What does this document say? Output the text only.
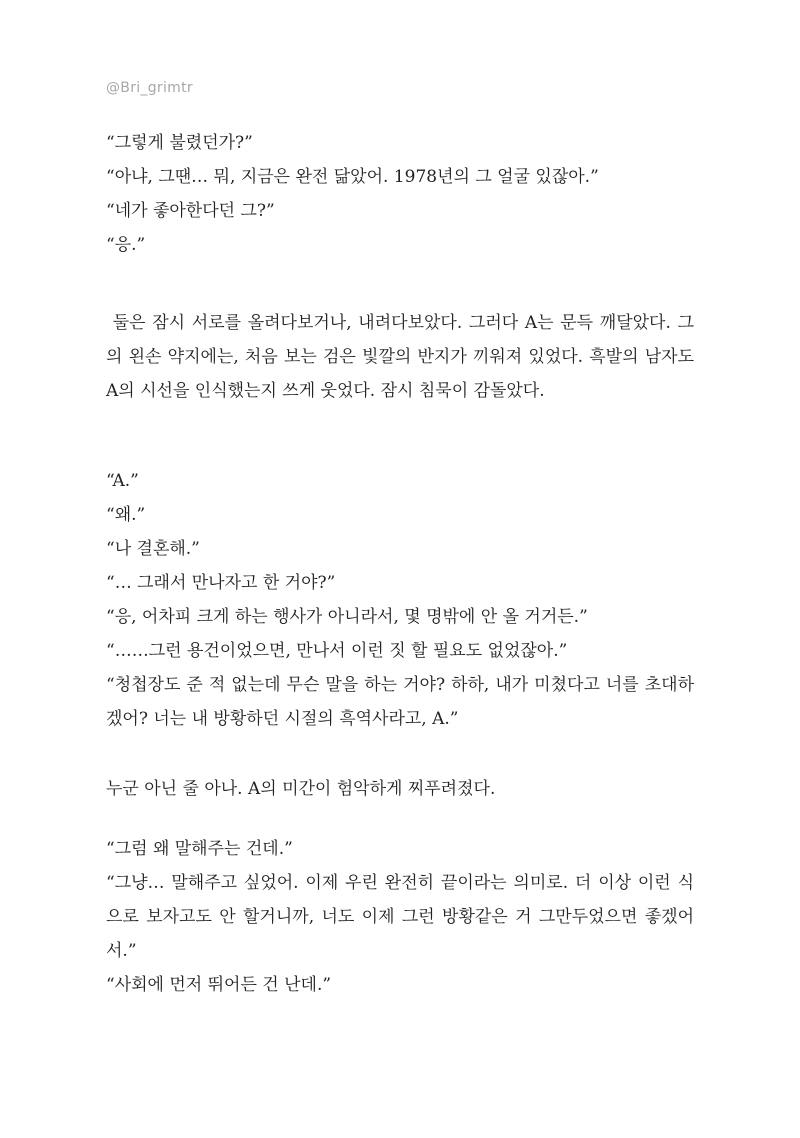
@Bri_grimtr

“그렇게 불렸던가?”

“아냐, 그땐… 뭐, 지금은 완전 닮았어. 1978년의 그 얼굴 있잖아.”

“네가 좋아한다던 그?”

“응.”

둘은 잠시 서로를 올려다보거나, 내려다보았다. 그러다 A는 문득 깨달았다. 그의 왼손 약지에는, 처음 보는 검은 빛깔의 반지가 끼워져 있었다. 흑발의 남자도 A의 시선을 인식했는지 쓰게 웃었다. 잠시 침묵이 감돌았다.

“A.”

“왜.”

“나 결혼해.”

“… 그래서 만나자고 한 거야?”

“응, 어차피 크게 하는 행사가 아니라서, 몇 명밖에 안 올 거거든.”

“……그런 용건이었으면, 만나서 이런 짓 할 필요도 없었잖아.”

“청첩장도 준 적 없는데 무슨 말을 하는 거야? 하하, 내가 미쳤다고 너를 초대하겠어? 너는 내 방황하던 시절의 흑역사라고, A.”

누군 아닌 줄 아나. A의 미간이 험악하게 찌푸려졌다.

“그럼 왜 말해주는 건데.”

“그냥… 말해주고 싶었어. 이제 우린 완전히 끝이라는 의미로. 더 이상 이런 식으로 보자고도 안 할거니까, 너도 이제 그런 방황같은 거 그만두었으면 좋겠어서.”

“사회에 먼저 뛰어든 건 난데.”
